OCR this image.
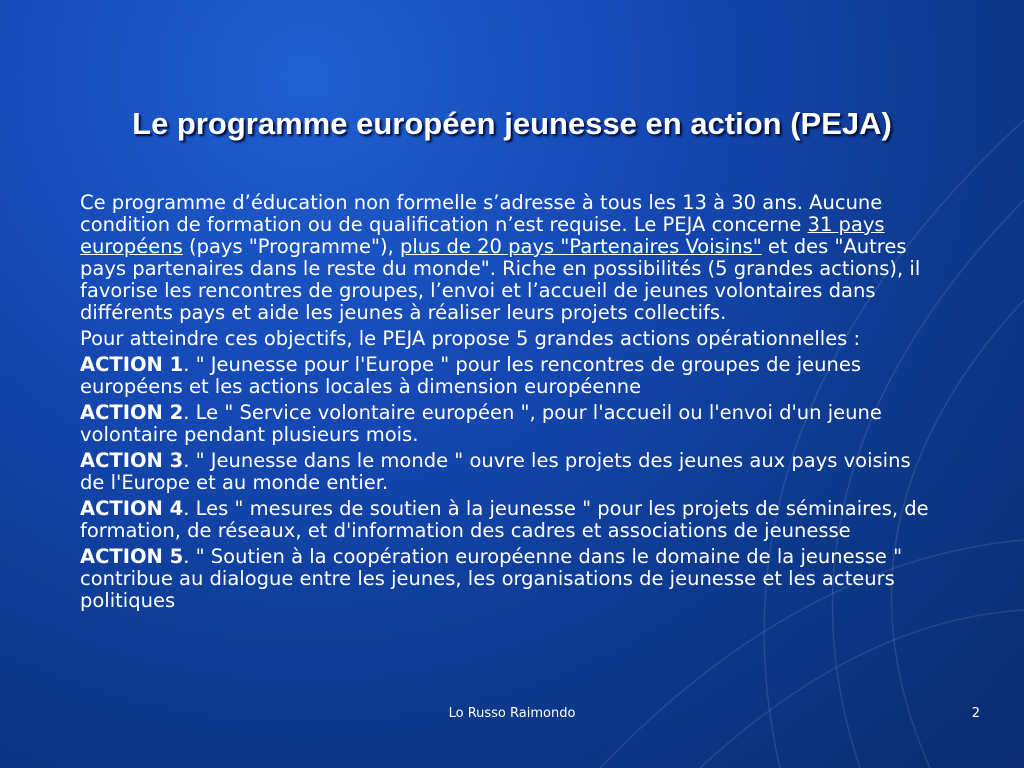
Le programme européen jeunesse en action (PEJA)

Ce programme d’éducation non formelle s’adresse à tous les 13 à 30 ans. Aucune condition de formation ou de qualification n’est requise. Le PEJA concerne 31 pays européens (pays "Programme"), plus de 20 pays "Partenaires Voisins" et des "Autres pays partenaires dans le reste du monde". Riche en possibilités (5 grandes actions), il favorise les rencontres de groupes, l’envoi et l’accueil de jeunes volontaires dans différents pays et aide les jeunes à réaliser leurs projets collectifs.

Pour atteindre ces objectifs, le PEJA propose 5 grandes actions opérationnelles :

ACTION 1. " Jeunesse pour l'Europe " pour les rencontres de groupes de jeunes européens et les actions locales à dimension européenne

ACTION 2. Le " Service volontaire européen ", pour l'accueil ou l'envoi d'un jeune volontaire pendant plusieurs mois.

ACTION 3. " Jeunesse dans le monde " ouvre les projets des jeunes aux pays voisins de l'Europe et au monde entier.

ACTION 4. Les " mesures de soutien à la jeunesse " pour les projets de séminaires, de formation, de réseaux, et d'information des cadres et associations de jeunesse

ACTION 5. " Soutien à la coopération européenne dans le domaine de la jeunesse " contribue au dialogue entre les jeunes, les organisations de jeunesse et les acteurs politiques

Lo Russo Raimondo	2
